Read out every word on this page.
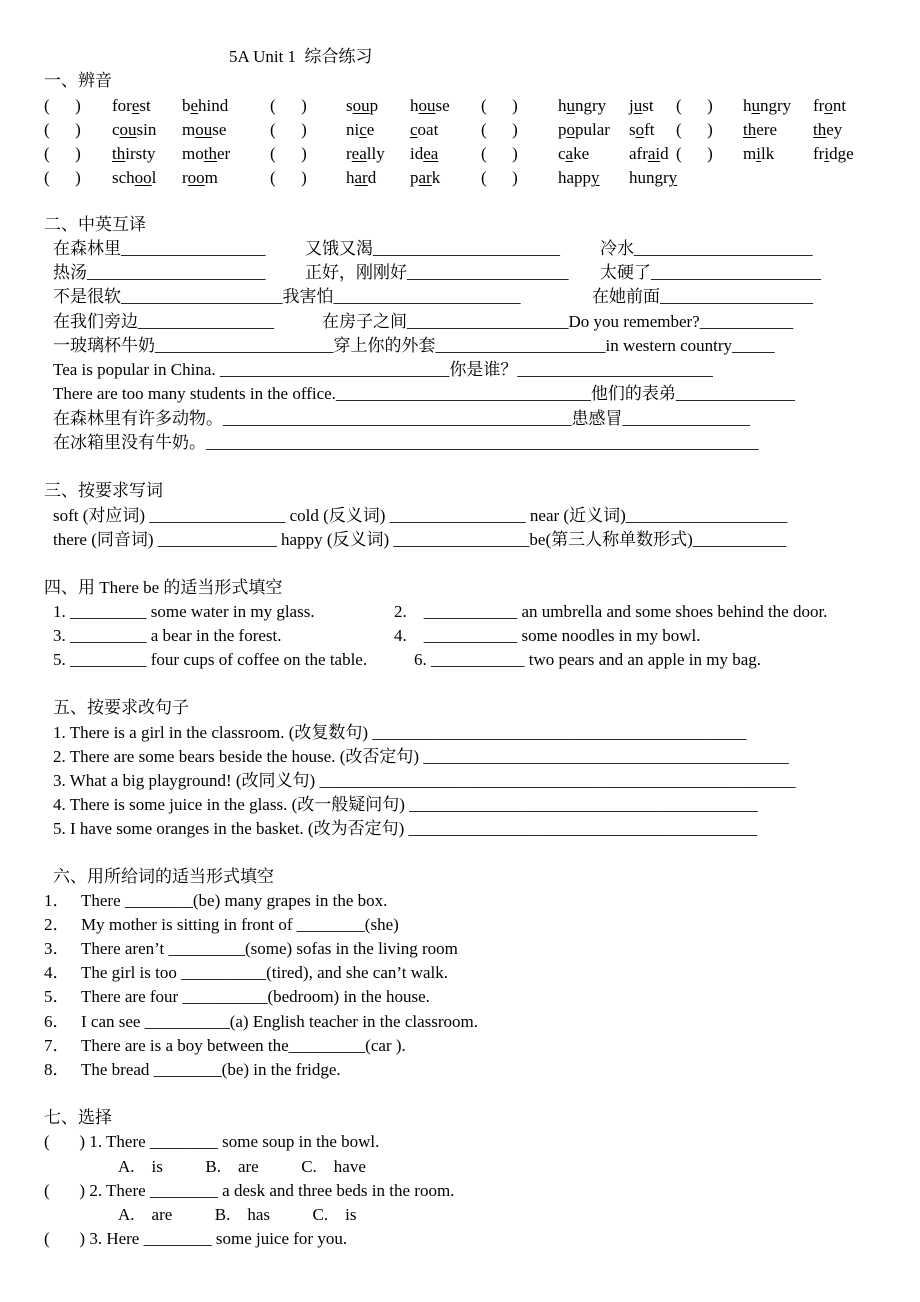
5A Unit 1  综合练习
一、辨音
(      ) forest behind (      ) soup house (      ) hungry just (      ) hungry front
(      ) cousin mouse	(      ) nice coat	(      ) popular soft (      ) there they
(      ) thirsty mother (      ) really idea	(      ) cake afraid (      ) milk fridge
(      ) school room	(      ) hard park (      ) happy hungry
二、中英互译
在森林里_________________ 又饿又渴______________________ 冷水_____________________
热汤_____________________ 正好，刚刚好___________________ 太硬了____________________
不是很软___________________我害怕______________________	在她前面__________________
在我们旁边________________	在房子之间___________________Do you remember?___________
一玻璃杯牛奶_____________________穿上你的外套____________________in western country_____
Tea is popular in China. ___________________________你是谁？_______________________
There are too many students in the office.______________________________他们的表弟______________
在森林里有许多动物。_________________________________________患感冒_______________
在冰箱里没有牛奶。_________________________________________________________________
三、按要求写词
soft (对应词) ________________ cold (反义词) ________________ near (近义词)___________________
there (同音词) ______________ happy (反义词) ________________be(第三人称单数形式)___________
四、用 There be 的适当形式填空
1. _________ some water in my glass.	2.    ___________ an umbrella and some shoes behind the door.
3. _________ a bear in the forest.	4.    ___________ some noodles in my bowl.
5. _________ four cups of coffee on the table.	6. ___________ two pears and an apple in my bag.
五、按要求改句子
1. There is a girl in the classroom. (改复数句) ____________________________________________
2. There are some bears beside the house. (改否定句) ___________________________________________
3. What a big playground! (改同义句) ________________________________________________________
4. There is some juice in the glass. (改一般疑问句) _________________________________________
5. I have some oranges in the basket. (改为否定句) _________________________________________
六、用所给词的适当形式填空
1． There ________(be) many grapes in the box.
2． My mother is sitting in front of ________(she)
3． There aren’t _________(some) sofas in the living room
4． The girl is too __________(tired), and she can’t walk.
5． There are four __________(bedroom) in the house.
6． I can see __________(a) English teacher in the classroom.
7． There are is a boy between the_________(car ).
8． The bread ________(be) in the fridge.
七、选择
(       ) 1. There ________ some soup in the bowl.
A.    is          B.    are          C.    have
(       ) 2. There ________ a desk and three beds in the room.
A.    are          B.    has          C.    is
(       ) 3. Here ________ some juice for you.
